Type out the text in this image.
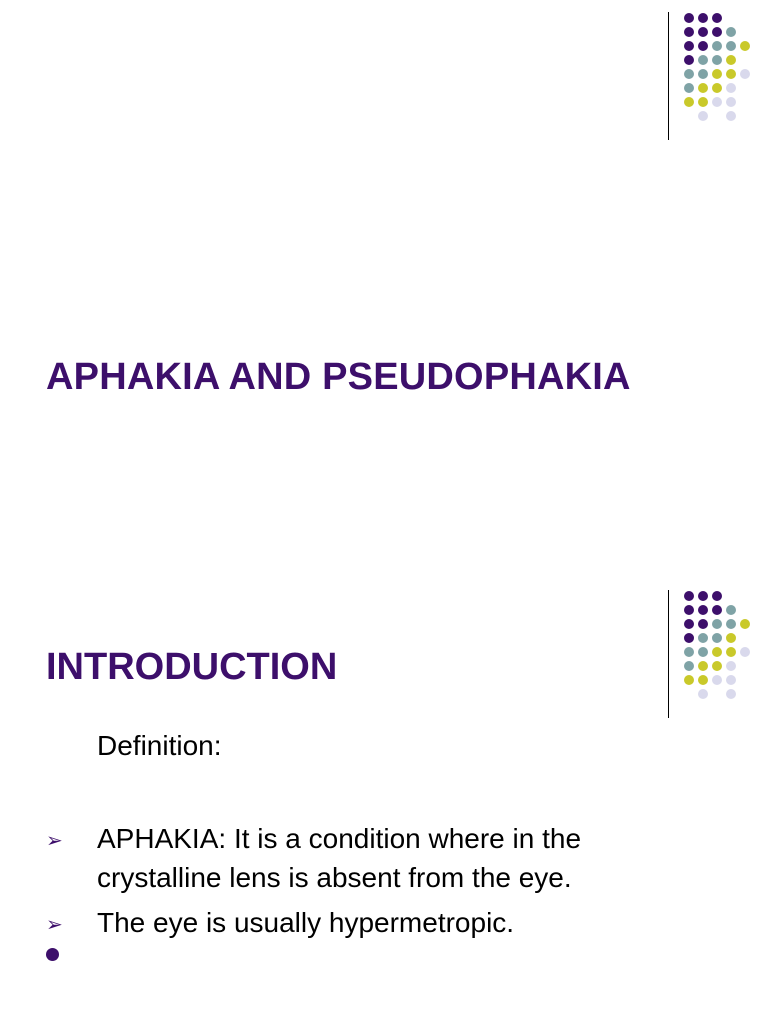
APHAKIA AND PSEUDOPHAKIA
INTRODUCTION
Definition:
➢ APHAKIA: It is a condition where in the crystalline lens is absent from the eye.
➢ The eye is usually hypermetropic.
